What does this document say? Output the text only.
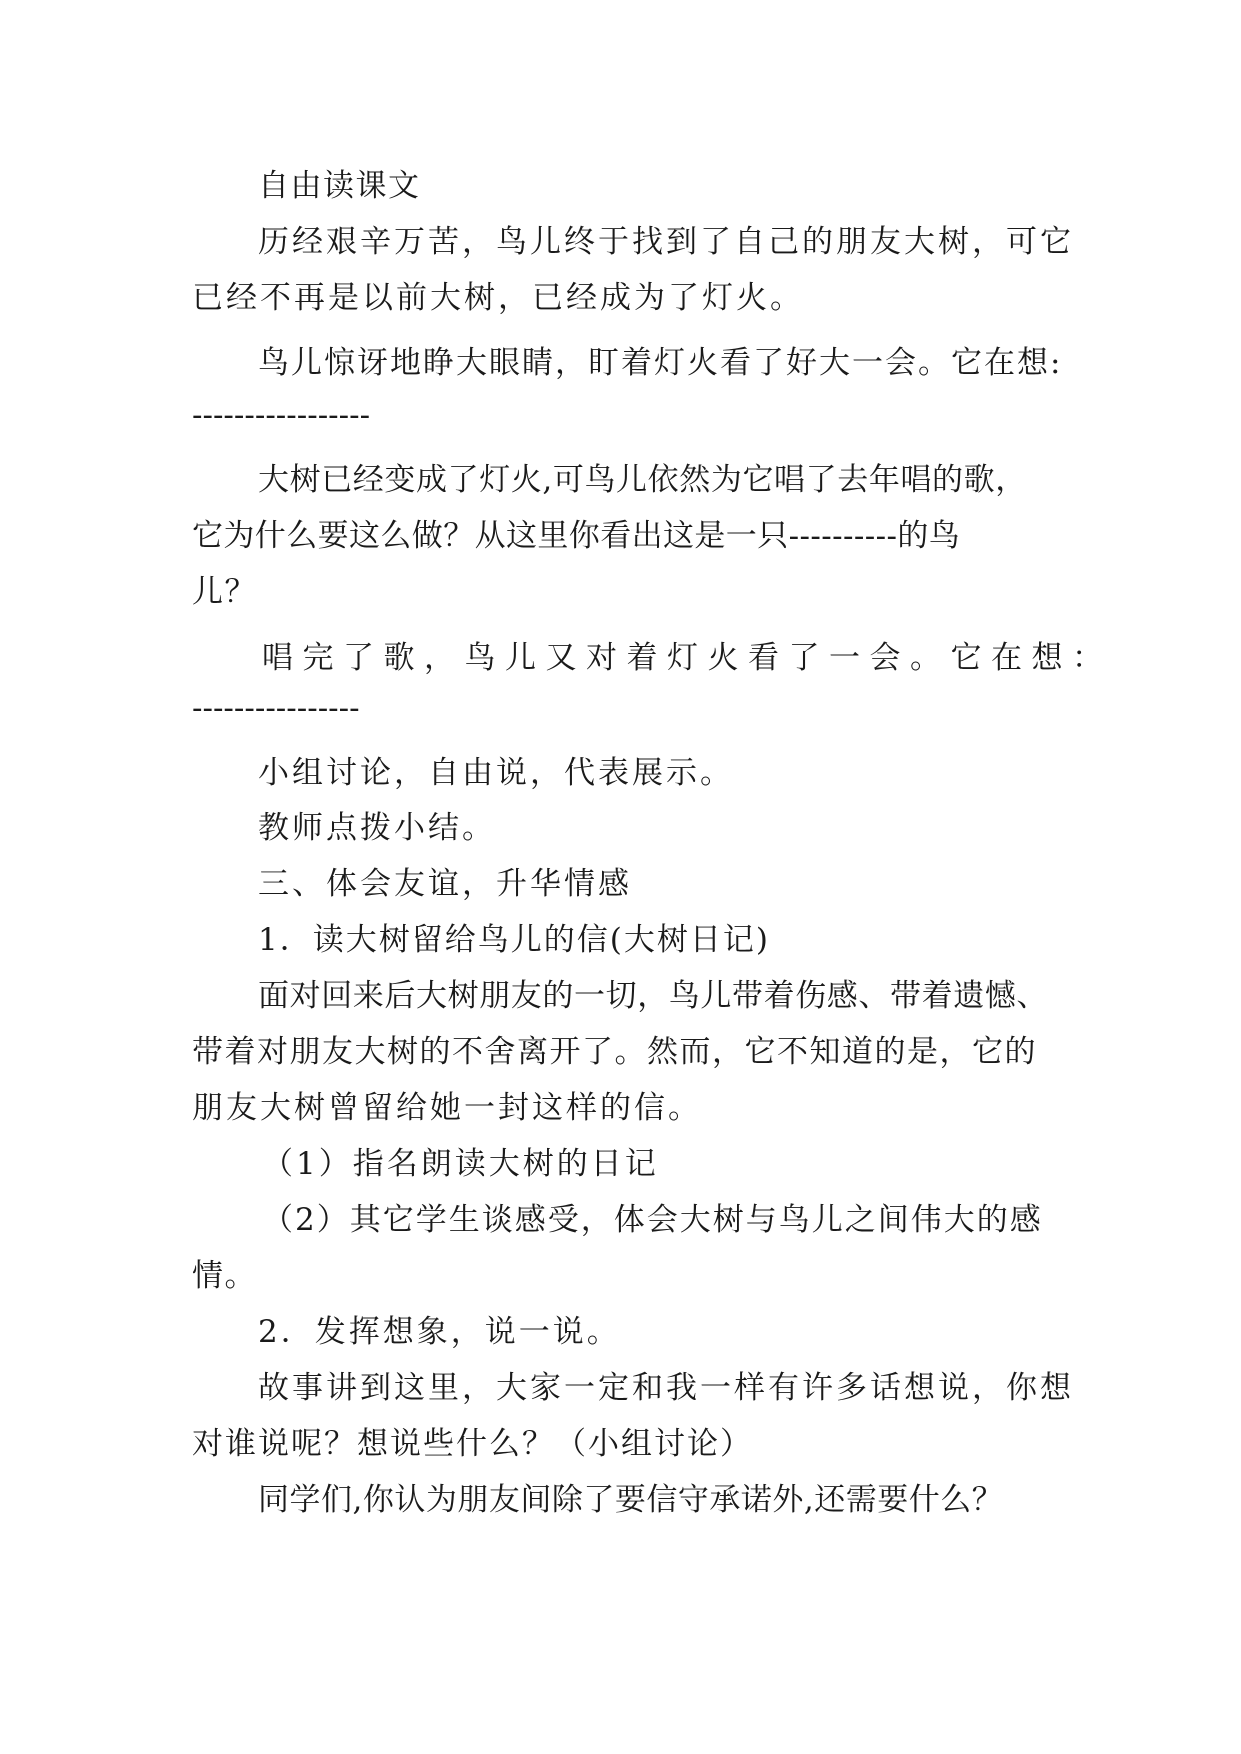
自由读课文
历经艰辛万苦，鸟儿终于找到了自己的朋友大树，可它
已经不再是以前大树，已经成为了灯火。
鸟儿惊讶地睁大眼睛，盯着灯火看了好大一会。它在想:
-----------------
大树已经变成了灯火,可鸟儿依然为它唱了去年唱的歌，
它为什么要这么做？从这里你看出这是一只----------的鸟
儿？
唱完了歌，鸟儿又对着灯火看了一会。它在想：
----------------
小组讨论，自由说，代表展示。
教师点拨小结。
三、体会友谊，升华情感
1．读大树留给鸟儿的信(大树日记)
面对回来后大树朋友的一切，鸟儿带着伤感、带着遗憾、
带着对朋友大树的不舍离开了。然而，它不知道的是，它的
朋友大树曾留给她一封这样的信。
（1）指名朗读大树的日记
（2）其它学生谈感受，体会大树与鸟儿之间伟大的感
情。
2．发挥想象，说一说。
故事讲到这里，大家一定和我一样有许多话想说，你想
对谁说呢？想说些什么？（小组讨论）
同学们,你认为朋友间除了要信守承诺外,还需要什么？
